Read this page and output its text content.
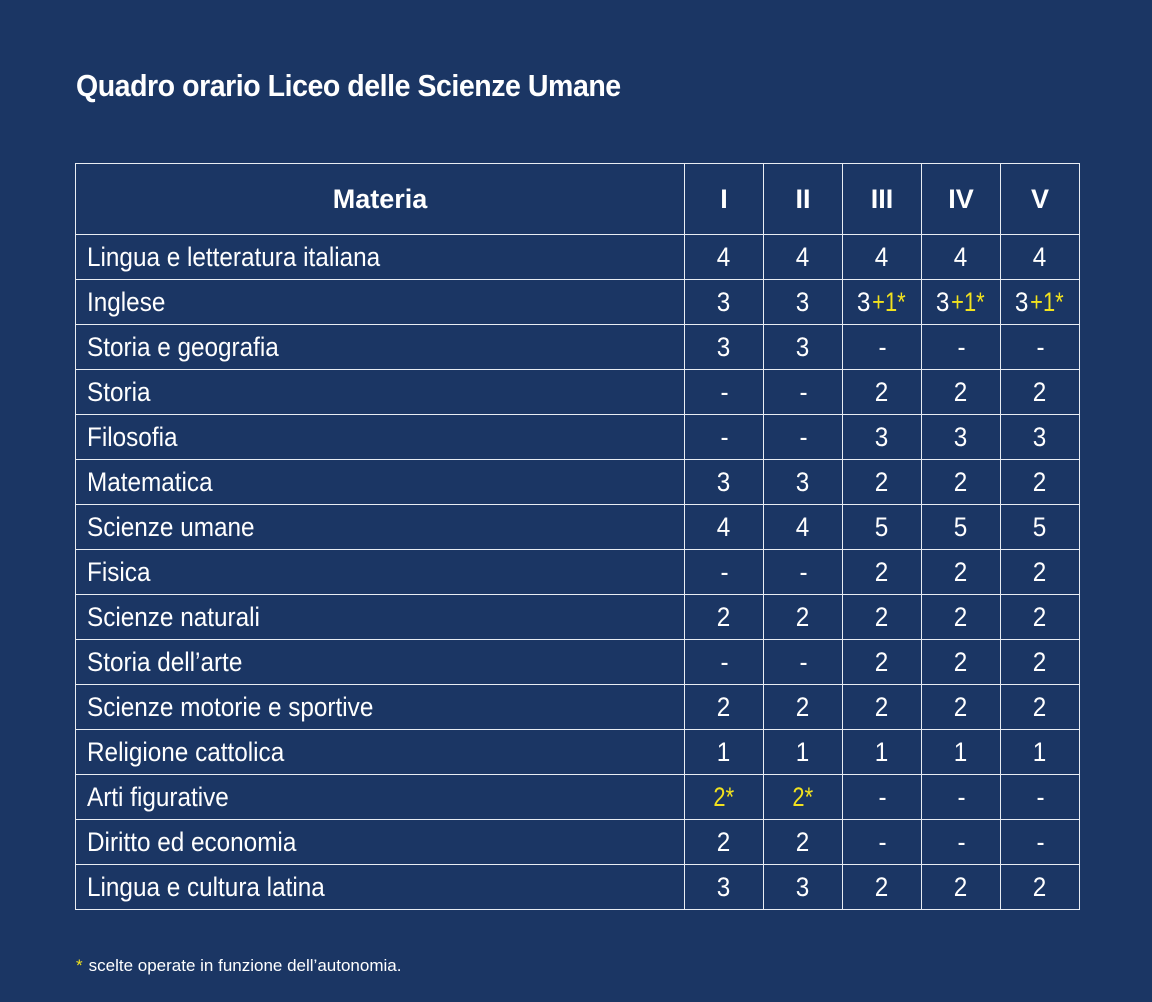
Quadro orario Liceo delle Scienze Umane
Materia	I	II	III	IV	V
Lingua e letteratura italiana	4	4	4	4	4
Inglese	3	3	3+1*	3+1*	3+1*
Storia e geografia	3	3	-	-	-
Storia	-	-	2	2	2
Filosofia	-	-	3	3	3
Matematica	3	3	2	2	2
Scienze umane	4	4	5	5	5
Fisica	-	-	2	2	2
Scienze naturali	2	2	2	2	2
Storia dell’arte	-	-	2	2	2
Scienze motorie e sportive	2	2	2	2	2
Religione cattolica	1	1	1	1	1
Arti figurative	2*	2*	-	-	-
Diritto ed economia	2	2	-	-	-
Lingua e cultura latina	3	3	2	2	2
* scelte operate in funzione dell’autonomia.
